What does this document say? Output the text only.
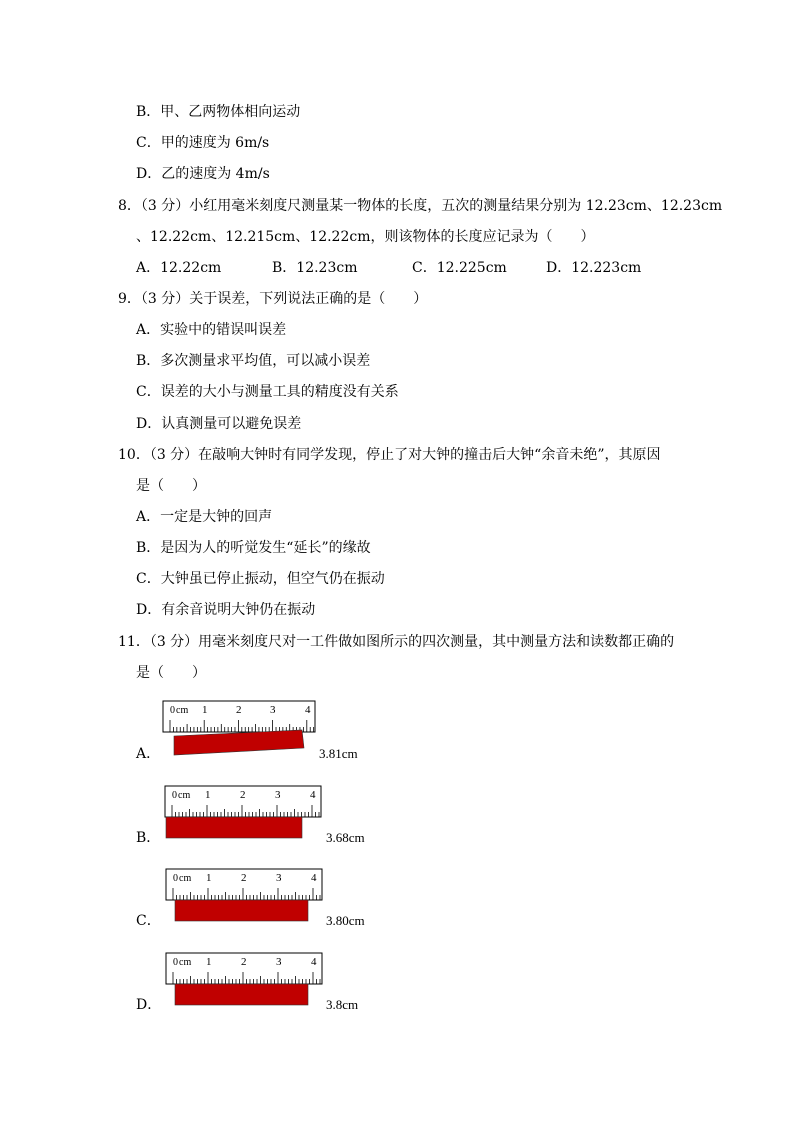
B．甲、乙两物体相向运动
C．甲的速度为 6m/s
D．乙的速度为 4m/s
8．（3 分）小红用毫米刻度尺测量某一物体的长度，五次的测量结果分别为 12.23cm、12.23cm
、12.22cm、12.215cm、12.22cm，则该物体的长度应记录为（　　）
A．12.22cm	B．12.23cm	C．12.225cm	D．12.223cm
9．（3 分）关于误差，下列说法正确的是（　　）
A．实验中的错误叫误差
B．多次测量求平均值，可以减小误差
C．误差的大小与测量工具的精度没有关系
D．认真测量可以避免误差
10．（3 分）在敲响大钟时有同学发现，停止了对大钟的撞击后大钟“余音未绝”，其原因
是（　　）
A．一定是大钟的回声
B．是因为人的听觉发生“延长”的缘故
C．大钟虽已停止振动，但空气仍在振动
D．有余音说明大钟仍在振动
11．（3 分）用毫米刻度尺对一工件做如图所示的四次测量，其中测量方法和读数都正确的
是（　　）
A．
0 cm 1	2	3	4
3.81cm
B．
0 cm 1	2	3	4
3.68cm
C．
0 cm 1	2	3	4
3.80cm
D．
0 cm 1	2	3	4
3.8cm
